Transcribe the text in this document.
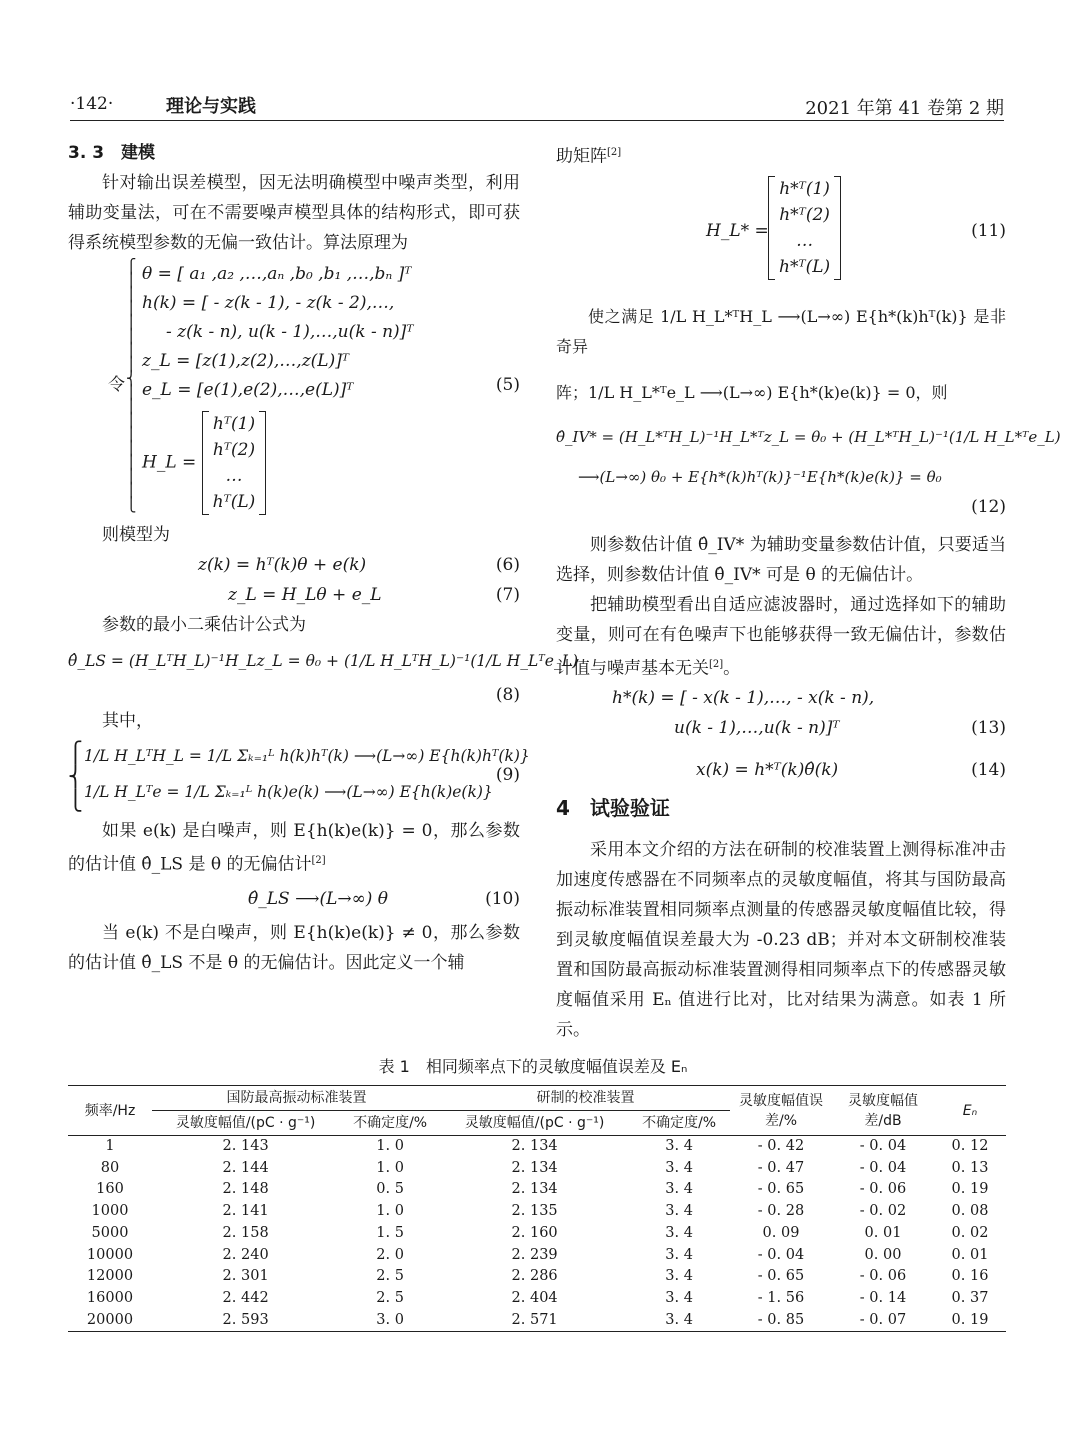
·142·	理论与实践	2021 年第 41 卷第 2 期

3. 3　建模

针对输出误差模型，因无法明确模型中噪声类型，利用辅助变量法，可在不需要噪声模型具体的结构形式，即可获得系统模型参数的无偏一致估计。算法原理为

令
⎧
⎪
⎪
⎪
⎪
⎪
⎪
⎪
⎨
⎪
⎪
⎪
⎪
⎪
⎪
⎪
⎪
⎩
θ = [ a₁ ,a₂ ,…,aₙ ,b₀ ,b₁ ,…,bₙ ]ᵀ
h(k) = [ - z(k - 1), - z(k - 2),…,
- z(k - n), u(k - 1),…,u(k - n)]ᵀ
z_L = [z(1),z(2),…,z(L)]ᵀ
e_L = [e(1),e(2),…,e(L)]ᵀ
H_L =
hᵀ(1)
hᵀ(2)
…
hᵀ(L)
(5)

则模型为

z(k) = hᵀ(k)θ + e(k)	(6)
z_L = H_Lθ + e_L	(7)

参数的最小二乘估计公式为

θ̂_LS = (H_LᵀH_L)⁻¹H_Lz_L = θ₀ + (1/L H_LᵀH_L)⁻¹(1/L H_Lᵀe_L)
(8)

其中，

⎧
⎨
⎩
1/L H_LᵀH_L = 1/L Σₖ₌₁ᴸ h(k)hᵀ(k) ⟶(L→∞) E{h(k)hᵀ(k)}
1/L H_Lᵀe = 1/L Σₖ₌₁ᴸ h(k)e(k) ⟶(L→∞) E{h(k)e(k)}
(9)

如果 e(k) 是白噪声，则 E{h(k)e(k)} = 0，那么参数的估计值 θ̂_LS 是 θ 的无偏估计[2]

θ̂_LS ⟶(L→∞) θ	(10)

当 e(k) 不是白噪声，则 E{h(k)e(k)} ≠ 0，那么参数的估计值 θ̂_LS 不是 θ 的无偏估计。因此定义一个辅

助矩阵[2]

H_L* =
h*ᵀ(1)
h*ᵀ(2)
…
h*ᵀ(L)
(11)

使之满足 1/L H_L*ᵀH_L ⟶(L→∞) E{h*(k)hᵀ(k)} 是非奇异

阵；1/L H_L*ᵀe_L ⟶(L→∞) E{h*(k)e(k)} = 0，则

θ̂_IV* = (H_L*ᵀH_L)⁻¹H_L*ᵀz_L = θ₀ + (H_L*ᵀH_L)⁻¹(1/L H_L*ᵀe_L)
⟶(L→∞) θ₀ + E{h*(k)hᵀ(k)}⁻¹E{h*(k)e(k)} = θ₀
(12)

则参数估计值 θ̂_IV* 为辅助变量参数估计值，只要适当选择，则参数估计值 θ̂_IV* 可是 θ 的无偏估计。

把辅助模型看出自适应滤波器时，通过选择如下的辅助变量，则可在有色噪声下也能够获得一致无偏估计，参数估计值与噪声基本无关[2]。

h*(k) = [ - x(k - 1),…, - x(k - n),
u(k - 1),…,u(k - n)]ᵀ	(13)
x(k) = h*ᵀ(k)θ̂(k)	(14)

4　试验验证

采用本文介绍的方法在研制的校准装置上测得标准冲击加速度传感器在不同频率点的灵敏度幅值，将其与国防最高振动标准装置相同频率点测量的传感器灵敏度幅值比较，得到灵敏度幅值误差最大为 -0.23 dB；并对本文研制校准装置和国防最高振动标准装置测得相同频率点下的传感器灵敏度幅值采用 Eₙ 值进行比对，比对结果为满意。如表 1 所示。

表 1　相同频率点下的灵敏度幅值误差及 Eₙ
频率/Hz	国防最高振动标准装置		研制的校准装置		灵敏度幅值误差/%	灵敏度幅值差/dB	Eₙ
	灵敏度幅值/(pC · g⁻¹)	不确定度/%	灵敏度幅值/(pC · g⁻¹)	不确定度/%			
1	2. 143	1. 0	2. 134	3. 4	- 0. 42	- 0. 04	0. 12
80	2. 144	1. 0	2. 134	3. 4	- 0. 47	- 0. 04	0. 13
160	2. 148	0. 5	2. 134	3. 4	- 0. 65	- 0. 06	0. 19
1000	2. 141	1. 0	2. 135	3. 4	- 0. 28	- 0. 02	0. 08
5000	2. 158	1. 5	2. 160	3. 4	0. 09	0. 01	0. 02
10000	2. 240	2. 0	2. 239	3. 4	- 0. 04	0. 00	0. 01
12000	2. 301	2. 5	2. 286	3. 4	- 0. 65	- 0. 06	0. 16
16000	2. 442	2. 5	2. 404	3. 4	- 1. 56	- 0. 14	0. 37
20000	2. 593	3. 0	2. 571	3. 4	- 0. 85	- 0. 07	0. 19
